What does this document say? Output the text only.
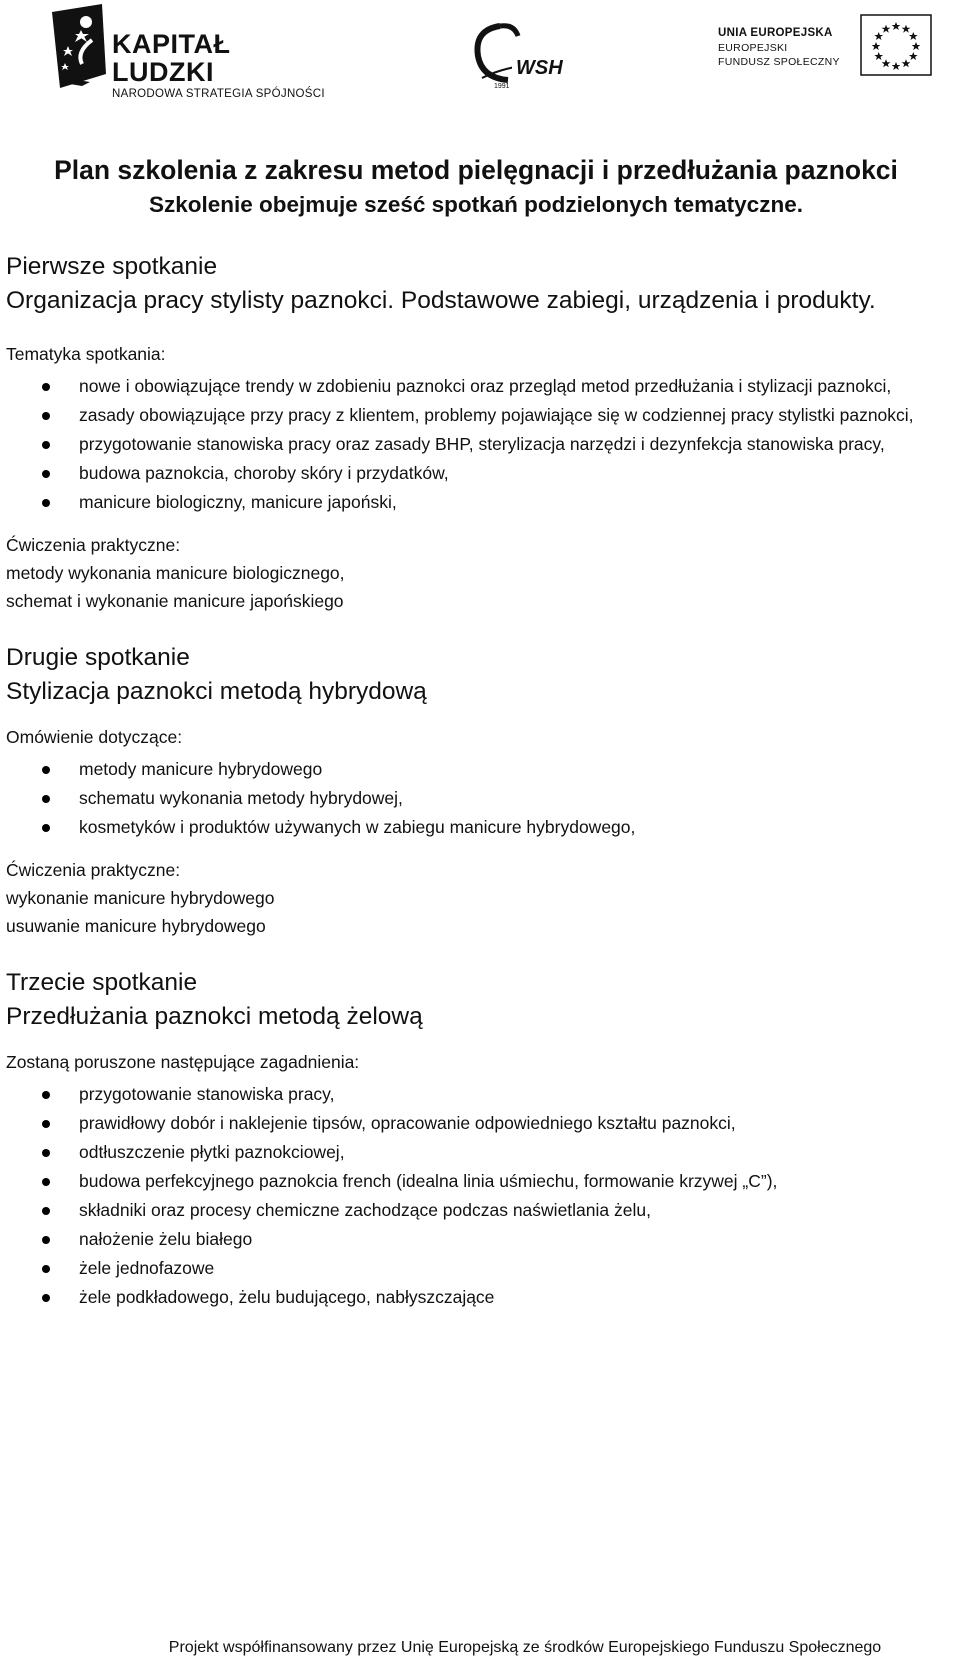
KAPITAŁ LUDZKI
NARODOWA STRATEGIA SPÓJNOŚCI
WSH
1991
UNIA EUROPEJSKA
EUROPEJSKI
FUNDUSZ SPOŁECZNY
Plan szkolenia z zakresu metod pielęgnacji i przedłużania paznokci
Szkolenie obejmuje sześć spotkań podzielonych tematyczne.

Pierwsze spotkanie

Organizacja pracy stylisty paznokci. Podstawowe zabiegi, urządzenia i produkty.

Tematyka spotkania:

nowe i obowiązujące trendy w zdobieniu paznokci oraz przegląd metod przedłużania i stylizacji paznokci,
zasady obowiązujące przy pracy z klientem, problemy pojawiające się w codziennej pracy stylistki paznokci,
przygotowanie stanowiska pracy oraz zasady BHP, sterylizacja narzędzi i dezynfekcja stanowiska pracy,
budowa paznokcia, choroby skóry i przydatków,
manicure biologiczny, manicure japoński,

Ćwiczenia praktyczne:

metody wykonania manicure biologicznego,

schemat i wykonanie manicure japońskiego

Drugie spotkanie

Stylizacja paznokci metodą hybrydową

Omówienie dotyczące:

metody manicure hybrydowego
schematu wykonania metody hybrydowej,
kosmetyków i produktów używanych w zabiegu manicure hybrydowego,

Ćwiczenia praktyczne:

wykonanie manicure hybrydowego

usuwanie manicure hybrydowego

Trzecie spotkanie

Przedłużania paznokci metodą żelową

Zostaną poruszone następujące zagadnienia:

przygotowanie stanowiska pracy,
prawidłowy dobór i naklejenie tipsów, opracowanie odpowiedniego kształtu paznokci,
odtłuszczenie płytki paznokciowej,
budowa perfekcyjnego paznokcia french (idealna linia uśmiechu, formowanie krzywej „C”),
składniki oraz procesy chemiczne zachodzące podczas naświetlania żelu,
nałożenie żelu białego
żele jednofazowe
żele podkładowego, żelu budującego, nabłyszczające
Projekt współfinansowany przez Unię Europejską ze środków Europejskiego Funduszu Społecznego
